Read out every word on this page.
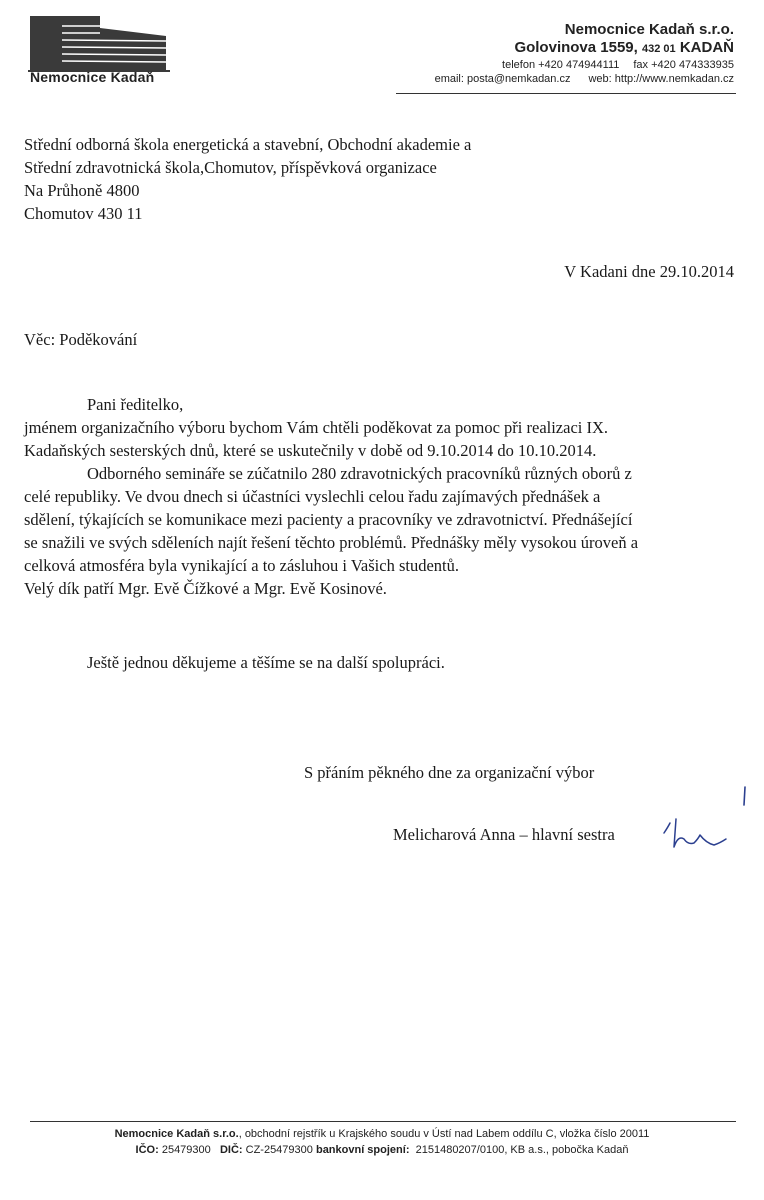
Nemocnice Kadaň
Nemocnice Kadaň s.r.o.
Golovinova 1559, 432 01 KADAŇ
telefon +420 474944111 fax +420 474333935
email: posta@nemkadan.cz web: http://www.nemkadan.cz
Střední odborná škola energetická a stavební, Obchodní akademie a
Střední zdravotnická škola,Chomutov, příspěvková organizace
Na Průhoně 4800
Chomutov 430 11
V Kadani dne 29.10.2014
Věc: Poděkování
Pani ředitelko,
jménem organizačního výboru bychom Vám chtěli poděkovat za pomoc při realizaci IX.
Kadaňských sesterských dnů, které se uskutečnily v době od 9.10.2014 do 10.10.2014.
Odborného semináře se zúčatnilo 280 zdravotnických pracovníků různých oborů z
celé republiky. Ve dvou dnech si účastníci vyslechli celou řadu zajímavých přednášek a
sdělení, týkajících se komunikace mezi pacienty a pracovníky ve zdravotnictví. Přednášející
se snažili ve svých sděleních najít řešení těchto problémů. Přednášky měly vysokou úroveň a
celková atmosféra byla vynikající a to zásluhou i Vašich studentů.
Velý dík patří Mgr. Evě Čížkové a Mgr. Evě Kosinové.
Ještě jednou děkujeme a těšíme se na další spolupráci.
S přáním pěkného dne za organizační výbor
Melicharová Anna – hlavní sestra
Nemocnice Kadaň s.r.o., obchodní rejstřík u Krajského soudu v Ústí nad Labem oddílu C, vložka číslo 20011
IČO: 25479300 DIČ: CZ-25479300 bankovní spojení: 2151480207/0100, KB a.s., pobočka Kadaň
